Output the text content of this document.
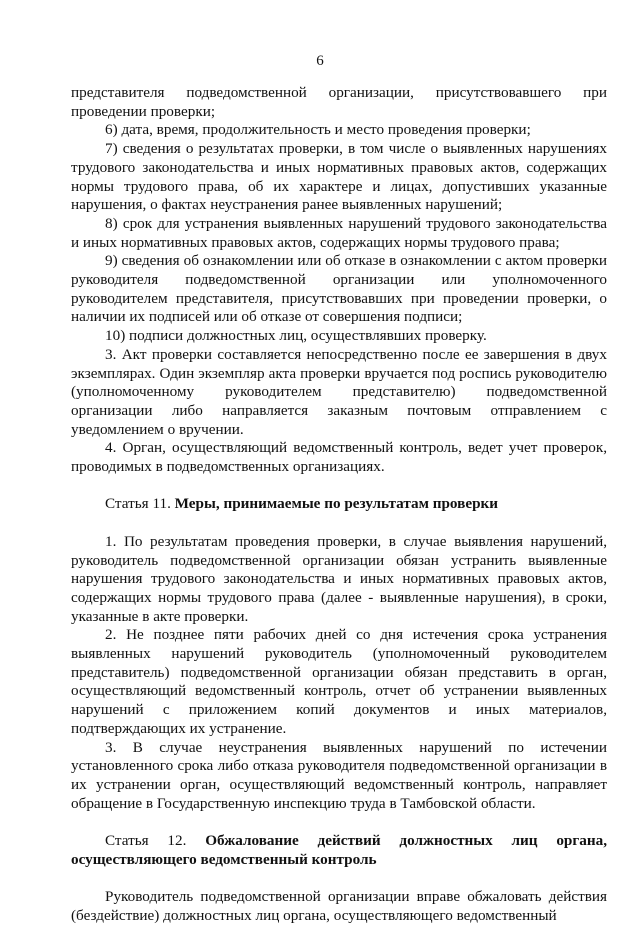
6

представителя подведомственной организации, присутствовавшего при проведении проверки;

6) дата, время, продолжительность и место проведения проверки;

7) сведения о результатах проверки, в том числе о выявленных нарушениях трудового законодательства и иных нормативных правовых актов, содержащих нормы трудового права, об их характере и лицах, допустивших указанные нарушения, о фактах неустранения ранее выявленных нарушений;

8) срок для устранения выявленных нарушений трудового законодательства и иных нормативных правовых актов, содержащих нормы трудового права;

9) сведения об ознакомлении или об отказе в ознакомлении с актом проверки руководителя подведомственной организации или уполномоченного руководителем представителя, присутствовавших при проведении проверки, о наличии их подписей или об отказе от совершения подписи;

10) подписи должностных лиц, осуществлявших проверку.

3. Акт проверки составляется непосредственно после ее завершения в двух экземплярах. Один экземпляр акта проверки вручается под роспись руководителю (уполномоченному руководителем представителю) подведомственной организации либо направляется заказным почтовым отправлением с уведомлением о вручении.

4. Орган, осуществляющий ведомственный контроль, ведет учет проверок, проводимых в подведомственных организациях.

Статья 11. Меры, принимаемые по результатам проверки

1. По результатам проведения проверки, в случае выявления нарушений, руководитель подведомственной организации обязан устранить выявленные нарушения трудового законодательства и иных нормативных правовых актов, содержащих нормы трудового права (далее - выявленные нарушения), в сроки, указанные в акте проверки.

2. Не позднее пяти рабочих дней со дня истечения срока устранения выявленных нарушений руководитель (уполномоченный руководителем представитель) подведомственной организации обязан представить в орган, осуществляющий ведомственный контроль, отчет об устранении выявленных нарушений с приложением копий документов и иных материалов, подтверждающих их устранение.

3. В случае неустранения выявленных нарушений по истечении установленного срока либо отказа руководителя подведомственной организации в их устранении орган, осуществляющий ведомственный контроль, направляет обращение в Государственную инспекцию труда в Тамбовской области.

Статья 12. Обжалование действий должностных лиц органа, осуществляющего ведомственный контроль

Руководитель подведомственной организации вправе обжаловать действия (бездействие) должностных лиц органа, осуществляющего ведомственный
